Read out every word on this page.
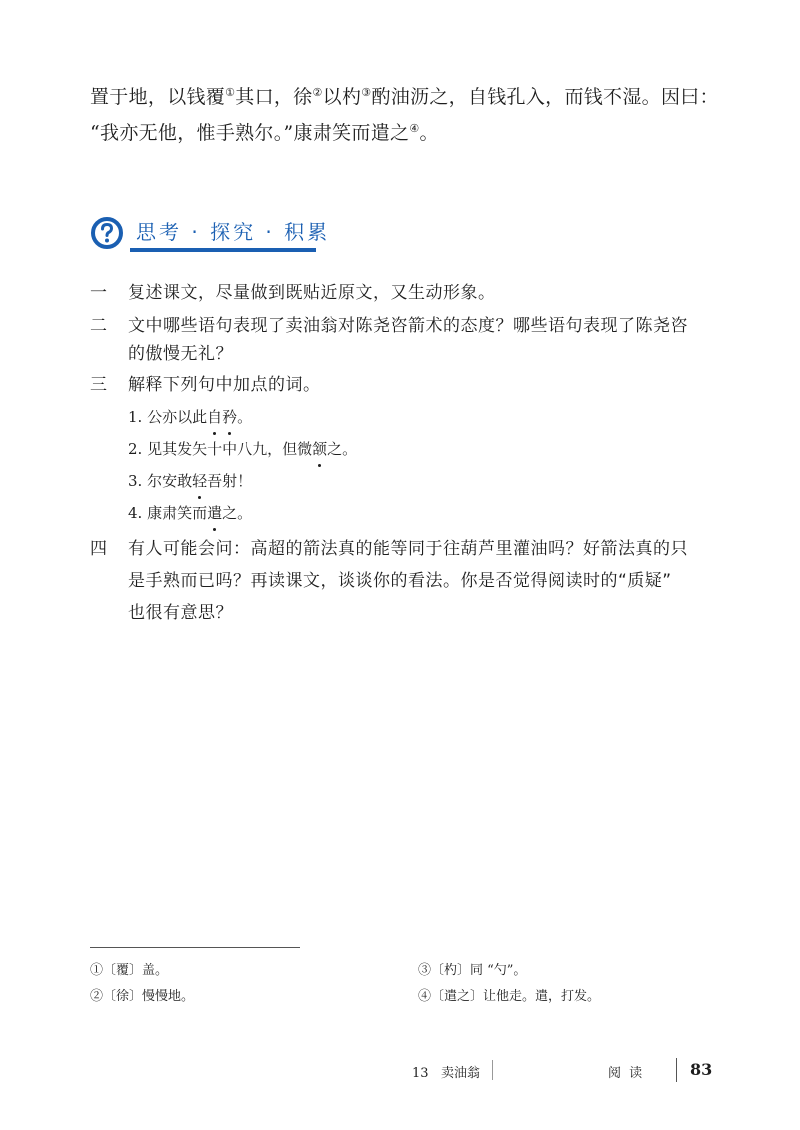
置于地，以钱覆①其口，徐②以杓③酌油沥之，自钱孔入，而钱不湿。因曰：
“我亦无他，惟手熟尔。”康肃笑而遣之④。
思考 · 探究 · 积累
一 复述课文，尽量做到既贴近原文，又生动形象。
二 文中哪些语句表现了卖油翁对陈尧咨箭术的态度？哪些语句表现了陈尧咨
的傲慢无礼？
三 解释下列句中加点的词。
1. 公亦以此自矜。
2. 见其发矢十中八九，但微颔之。
3. 尔安敢轻吾射！
4. 康肃笑而遣之。
四 有人可能会问：高超的箭法真的能等同于往葫芦里灌油吗？好箭法真的只
是手熟而已吗？再读课文，谈谈你的看法。你是否觉得阅读时的“质疑”
也很有意思？
①〔覆〕盖。
②〔徐〕慢慢地。
③〔杓〕同 “勺”。
④〔遣之〕让他走。遣，打发。
13 卖油翁	阅 读	83
